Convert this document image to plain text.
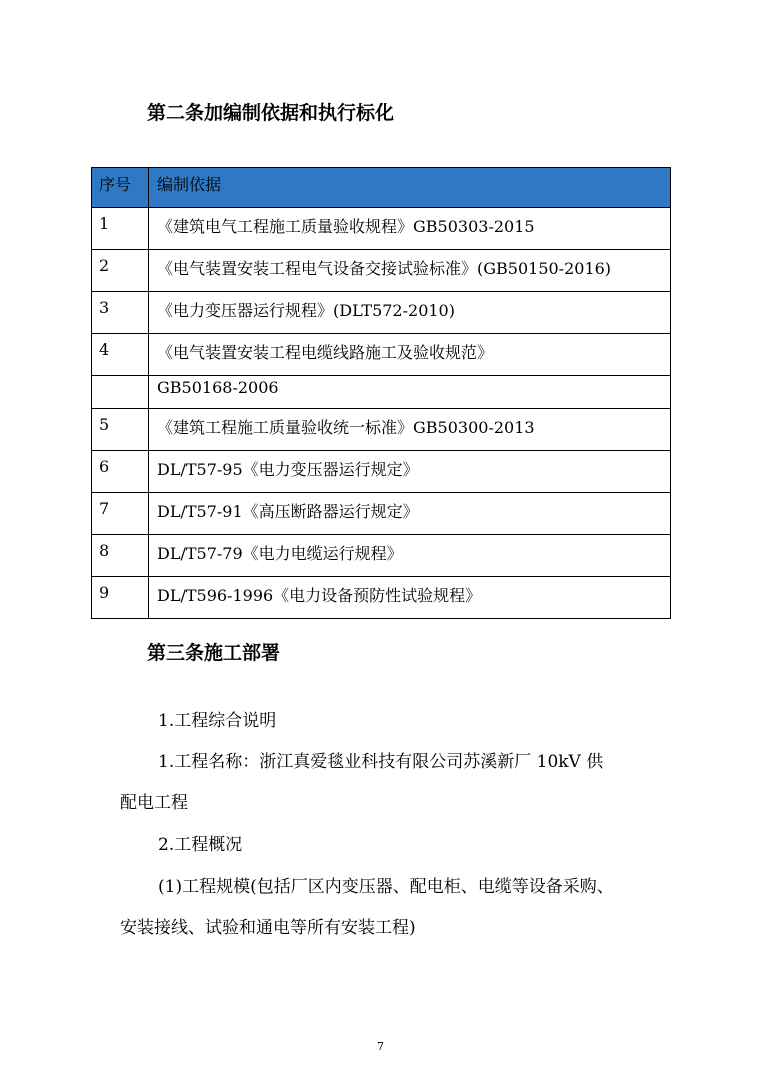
第二条加编制依据和执行标化
序号	编制依据
1	《建筑电气工程施工质量验收规程》GB50303-2015
2	《电气装置安装工程电气设备交接试验标准》(GB50150-2016)
3	《电力变压器运行规程》(DLT572-2010)
4	《电气装置安装工程电缆线路施工及验收规范》
	GB50168-2006
5	《建筑工程施工质量验收统一标准》GB50300-2013
6	DL/T57-95《电力变压器运行规定》
7	DL/T57-91《高压断路器运行规定》
8	DL/T57-79《电力电缆运行规程》
9	DL/T596-1996《电力设备预防性试验规程》
第三条施工部署
1.工程综合说明
1.工程名称：浙江真爱毯业科技有限公司苏溪新厂 10kV 供
配电工程
2.工程概况
(1)工程规模(包括厂区内变压器、配电柜、电缆等设备采购、
安装接线、试验和通电等所有安装工程)
7
